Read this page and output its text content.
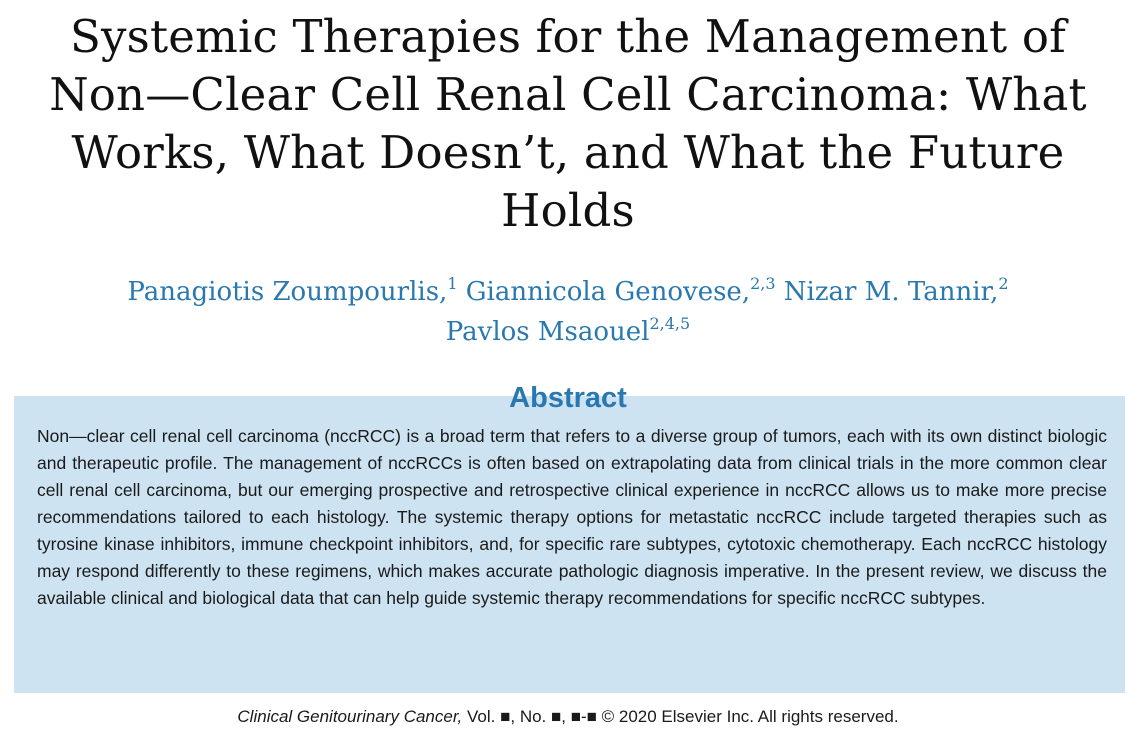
Systemic Therapies for the Management of Non—Clear Cell Renal Cell Carcinoma: What Works, What Doesn’t, and What the Future Holds

Panagiotis Zoumpourlis,$^1$ Giannicola Genovese,$^{2,3}$ Nizar M. Tannir,$^2$
Pavlos Msaouel$^{2,4,5}$

Non—clear cell renal cell carcinoma (nccRCC) is a broad term that refers to a diverse group of tumors, each with its own distinct biologic and therapeutic profile. The management of nccRCCs is often based on extrapolating data from clinical trials in the more common clear cell renal cell carcinoma, but our emerging prospective and retrospective clinical experience in nccRCC allows us to make more precise recommendations tailored to each histology. The systemic therapy options for metastatic nccRCC include targeted therapies such as tyrosine kinase inhibitors, immune checkpoint inhibitors, and, for specific rare subtypes, cytotoxic chemotherapy. Each nccRCC histology may respond differently to these regimens, which makes accurate pathologic diagnosis imperative. In the present review, we discuss the available clinical and biological data that can help guide systemic therapy recommendations for specific nccRCC subtypes.

Abstract
Clinical Genitourinary Cancer, Vol. ■, No. ■, ■-■ © 2020 Elsevier Inc. All rights reserved.
